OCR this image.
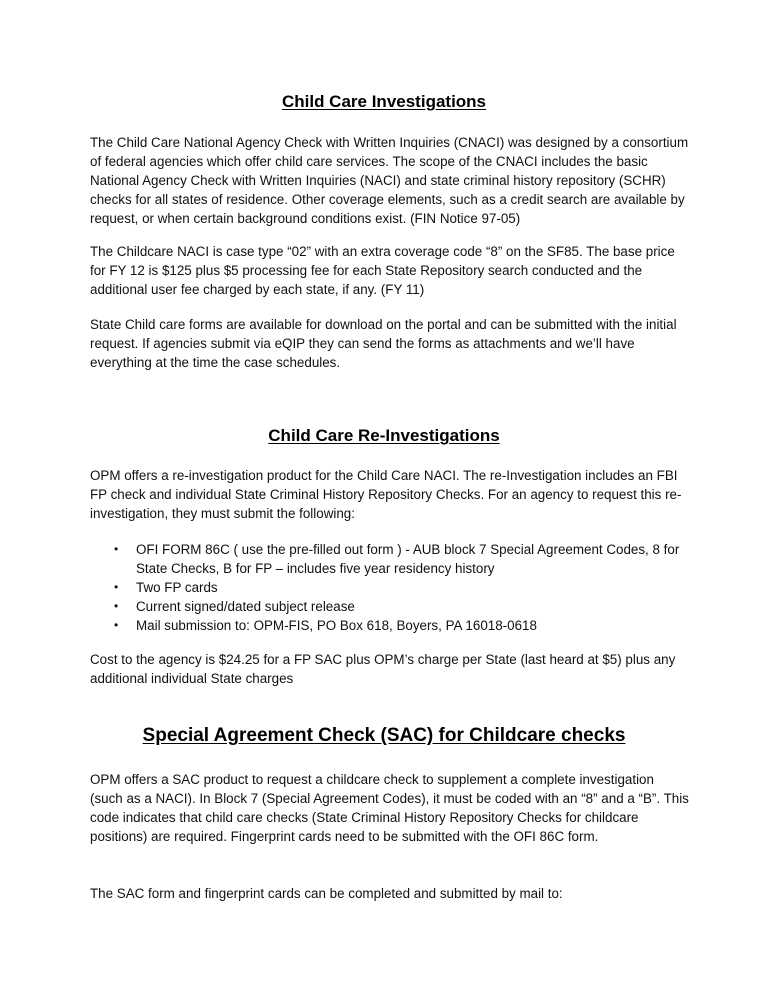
Child Care Investigations

The Child Care National Agency Check with Written Inquiries (CNACI) was designed by a consortium of federal agencies which offer child care services. The scope of the CNACI includes the basic National Agency Check with Written Inquiries (NACI) and state criminal history repository (SCHR) checks for all states of residence. Other coverage elements, such as a credit search are available by request, or when certain background conditions exist. (FIN Notice 97-05)

The Childcare NACI is case type “02” with an extra coverage code “8” on the SF85. The base price for FY 12 is $125 plus $5 processing fee for each State Repository search conducted and the additional user fee charged by each state, if any. (FY 11)

State Child care forms are available for download on the portal and can be submitted with the initial request. If agencies submit via eQIP they can send the forms as attachments and we’ll have everything at the time the case schedules.

Child Care Re-Investigations

OPM offers a re-investigation product for the Child Care NACI. The re-Investigation includes an FBI FP check and individual State Criminal History Repository Checks. For an agency to request this re-investigation, they must submit the following:

•	OFI FORM 86C ( use the pre-filled out form ) - AUB block 7 Special Agreement Codes, 8 for State Checks, B for FP – includes five year residency history
•	Two FP cards
•	Current signed/dated subject release
•	Mail submission to: OPM-FIS, PO Box 618, Boyers, PA 16018-0618

Cost to the agency is $24.25 for a FP SAC plus OPM’s charge per State (last heard at $5) plus any additional individual State charges

Special Agreement Check (SAC) for Childcare checks

OPM offers a SAC product to request a childcare check to supplement a complete investigation (such as a NACI). In Block 7 (Special Agreement Codes), it must be coded with an “8” and a “B”. This code indicates that child care checks (State Criminal History Repository Checks for childcare positions) are required. Fingerprint cards need to be submitted with the OFI 86C form.

The SAC form and fingerprint cards can be completed and submitted by mail to:
